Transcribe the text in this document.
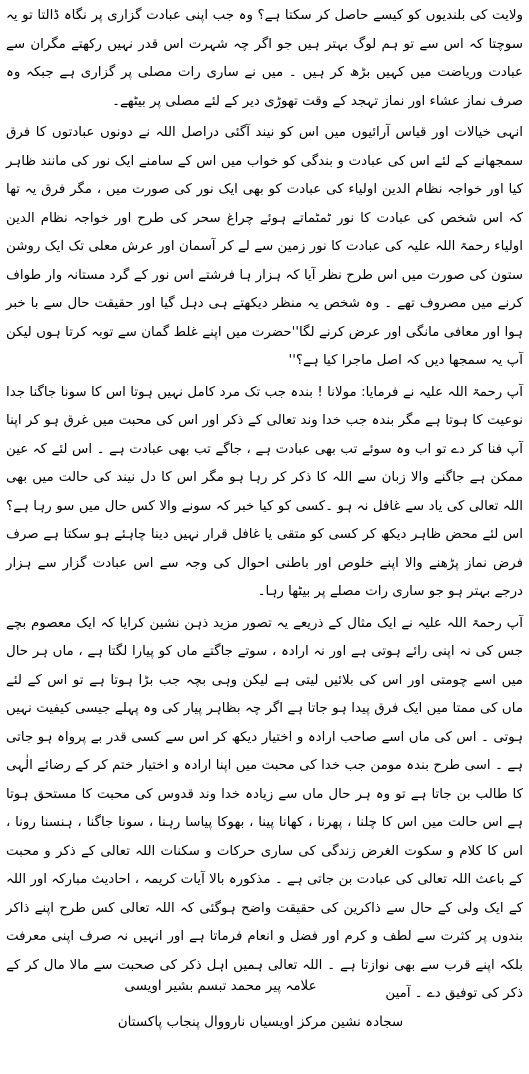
ولایت کی بلندیوں کو کیسے حاصل کر سکتا ہے؟ وہ جب اپنی عبادت گزاری پر نگاہ ڈالتا تو یہ سوچتا کہ اس سے تو ہم لوگ بہتر ہیں جو اگر چہ شہرت اس قدر نہیں رکھتے مگران سے عبادت وریاضت میں کہیں بڑھ کر ہیں ۔ میں نے ساری رات مصلی پر گزاری ہے جبکہ وہ صرف نماز عشاء اور نماز تہجد کے وقت تھوڑی دیر کے لئے مصلی پر بیٹھے۔

انہی خیالات اور قیاس آرائیوں میں اس کو نیند آگئی دراصل اللہ نے دونوں عبادتوں کا فرق سمجھانے کے لئے اس کی عبادت و بندگی کو خواب میں اس کے سامنے ایک نور کی مانند ظاہر کیا اور خواجہ نظام الدین اولیاء کی عبادت کو بھی ایک نور کی صورت میں ، مگر فرق یہ تھا کہ اس شخص کی عبادت کا نور ٹمٹماتے ہوئے چراغ سحر کی طرح اور خواجہ نظام الدین اولیاء رحمۃ اللہ علیہ کی عبادت کا نور زمین سے لے کر آسمان اور عرش معلی تک ایک روشن ستون کی صورت میں اس طرح نظر آیا کہ ہزار ہا فرشتے اس نور کے گرد مستانہ وار طواف کرنے میں مصروف تھے ۔ وہ شخص یہ منظر دیکھتے ہی دہل گیا اور حقیقت حال سے با خبر ہوا اور معافی مانگی اور عرض کرنے لگا''حضرت میں اپنے غلط گمان سے توبہ کرتا ہوں لیکن آپ یہ سمجھا دیں کہ اصل ماجرا کیا ہے؟''

آپ رحمۃ اللہ علیہ نے فرمایا: مولانا ! بندہ جب تک مرد کامل نہیں ہوتا اس کا سونا جاگنا جدا نوعیت کا ہوتا ہے مگر بندہ جب خدا وند تعالی کے ذکر اور اس کی محبت میں غرق ہو کر اپنا آپ فنا کر دے تو اب وہ سوئے تب بھی عبادت ہے ، جاگے تب بھی عبادت ہے ۔ اس لئے کہ عین ممکن ہے جاگنے والا زبان سے اللہ کا ذکر کر رہا ہو مگر اس کا دل نیند کی حالت میں بھی اللہ تعالی کی یاد سے غافل نہ ہو ۔کسی کو کیا خبر کہ سونے والا کس حال میں سو رہا ہے؟ اس لئے محض ظاہر دیکھ کر کسی کو متقی یا غافل قرار نہیں دینا چاہئے ہو سکتا ہے صرف فرض نماز پڑھنے والا اپنے خلوص اور باطنی احوال کی وجہ سے اس عبادت گزار سے ہزار درجے بہتر ہو جو ساری رات مصلے پر بیٹھا رہا۔

آپ رحمۃ اللہ علیہ نے ایک مثال کے ذریعے یہ تصور مزید ذہن نشین کرایا کہ ایک معصوم بچے جس کی نہ اپنی رائے ہوتی ہے اور نہ ارادہ ، سوتے جاگتے ماں کو پیارا لگتا ہے ، ماں ہر حال میں اسے چومتی اور اس کی بلائیں لیتی ہے لیکن وہی بچہ جب بڑا ہوتا ہے تو اس کے لئے ماں کی ممتا میں ایک فرق پیدا ہو جاتا ہے اگر چہ بظاہر پیار کی وہ پہلے جیسی کیفیت نہیں ہوتی ۔ اس کی ماں اسے صاحب ارادہ و اختیار دیکھ کر اس سے کسی قدر بے پرواہ ہو جاتی ہے ۔ اسی طرح بندہ مومن جب خدا کی محبت میں اپنا ارادہ و اختیار ختم کر کے رضائے الٰہی کا طالب بن جاتا ہے تو وہ ہر حال ماں سے زیادہ خدا وند قدوس کی محبت کا مستحق ہوتا ہے اس حالت میں اس کا چلنا ، پھرنا ، کھانا پینا ، بھوکا پیاسا رہنا ، سونا جاگنا ، ہنسنا رونا ، اس کا کلام و سکوت الغرض زندگی کی ساری حرکات و سکنات اللہ تعالی کے ذکر و محبت کے باعث اللہ تعالی کی عبادت بن جاتی ہے ۔ مذکورہ بالا آیات کریمہ ، احادیث مبارکہ اور اللہ کے ایک ولی کے حال سے ذاکرین کی حقیقت واضح ہوگئی کہ اللہ تعالی کس طرح اپنے ذاکر بندوں پر کثرت سے لطف و کرم اور فضل و انعام فرماتا ہے اور انہیں نہ صرف اپنی معرفت بلکہ اپنے قرب سے بھی نوازتا ہے ۔ اللہ تعالی ہمیں اہل ذکر کی صحبت سے مالا مال کر کے ذکر کی توفیق دے ۔ آمین

علامہ پیر محمد تبسم بشیر اویسی
سجادہ نشین مرکز اویسیاں نارووال پنجاب پاکستان
